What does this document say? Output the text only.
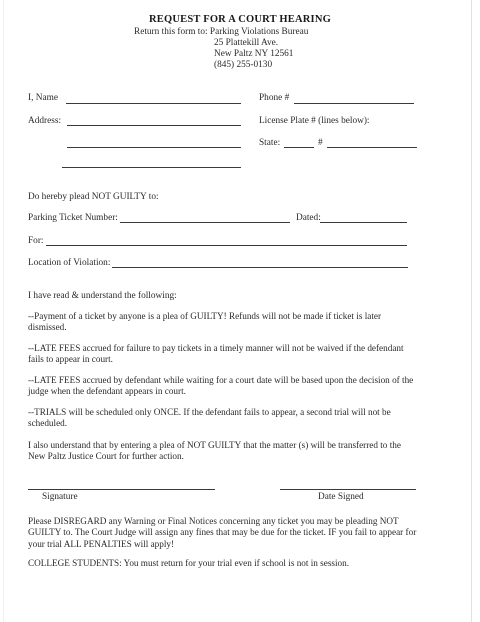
REQUEST FOR A COURT HEARING
Return this form to: Parking Violations Bureau
25 Plattekill Ave.
New Paltz NY 12561
(845) 255-0130
I, Name	Phone #
Address:	License Plate # (lines below):
State:	#
Do hereby plead NOT GUILTY to:
Parking Ticket Number:	Dated:
For:
Location of Violation:
I have read & understand the following:
--Payment of a ticket by anyone is a plea of GUILTY! Refunds will not be made if ticket is later dismissed.
--LATE FEES accrued for failure to pay tickets in a timely manner will not be waived if the defendant fails to appear in court.
--LATE FEES accrued by defendant while waiting for a court date will be based upon the decision of the judge when the defendant appears in court.
--TRIALS will be scheduled only ONCE. If the defendant fails to appear, a second trial will not be scheduled.
I also understand that by entering a plea of NOT GUILTY that the matter (s) will be transferred to the New Paltz Justice Court for further action.
Signature	Date Signed
Please DISREGARD any Warning or Final Notices concerning any ticket you may be pleading NOT GUILTY to. The Court Judge will assign any fines that may be due for the ticket. IF you fail to appear for your trial ALL PENALTIES will apply!
COLLEGE STUDENTS: You must return for your trial even if school is not in session.
